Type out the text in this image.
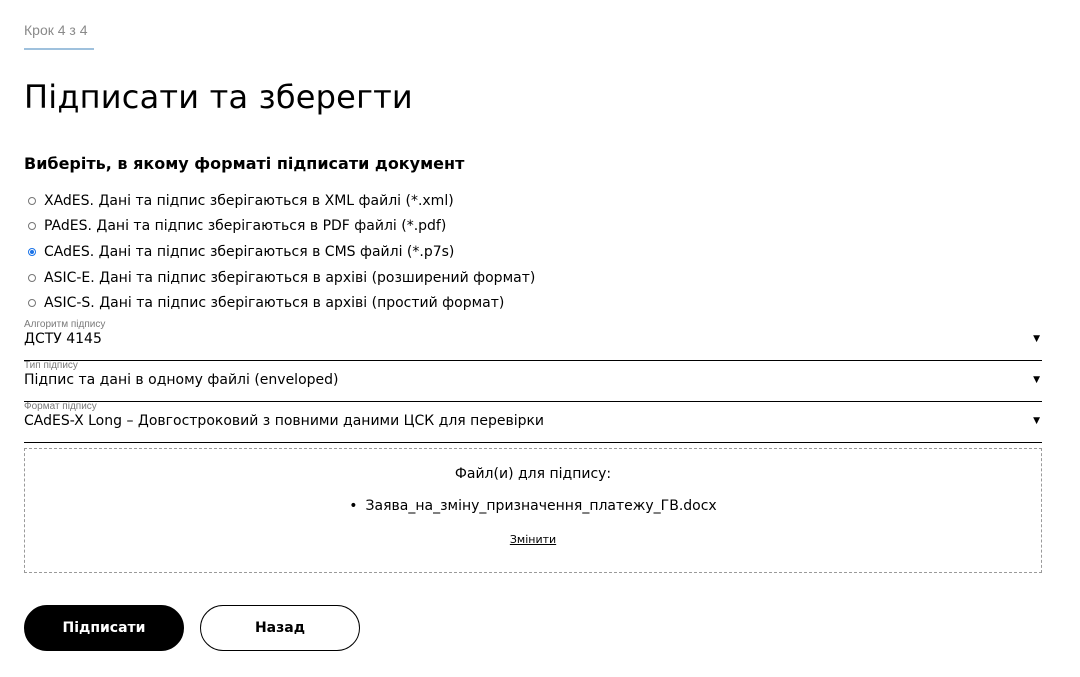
Крок 4 з 4
Підписати та зберегти
Виберіть, в якому форматі підписати документ
XAdES. Дані та підпис зберігаються в XML файлі (*.xml)
PAdES. Дані та підпис зберігаються в PDF файлі (*.pdf)
CAdES. Дані та підпис зберігаються в CMS файлі (*.p7s)
ASIC-E. Дані та підпис зберігаються в архіві (розширений формат)
ASIC-S. Дані та підпис зберігаються в архіві (простий формат)
Алгоритм підпису
ДСТУ 4145	▼
Тип підпису
Підпис та дані в одному файлі (enveloped)	▼
Формат підпису
CAdES-X Long – Довгостроковий з повними даними ЦСК для перевірки	▼
Файл(и) для підпису:
• Заява_на_зміну_призначення_платежу_ГВ.docx
Змінити
Підписати	Назад
